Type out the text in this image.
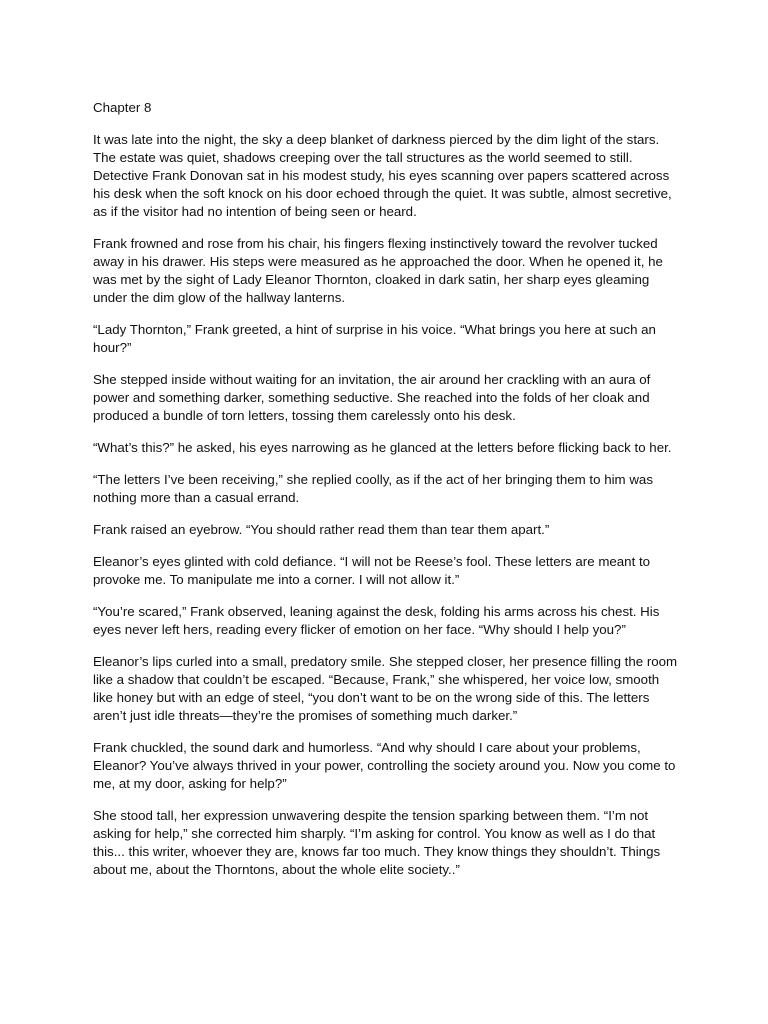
Chapter 8

It was late into the night, the sky a deep blanket of darkness pierced by the dim light of the stars. The estate was quiet, shadows creeping over the tall structures as the world seemed to still. Detective Frank Donovan sat in his modest study, his eyes scanning over papers scattered across his desk when the soft knock on his door echoed through the quiet. It was subtle, almost secretive, as if the visitor had no intention of being seen or heard.

Frank frowned and rose from his chair, his fingers flexing instinctively toward the revolver tucked away in his drawer. His steps were measured as he approached the door. When he opened it, he was met by the sight of Lady Eleanor Thornton, cloaked in dark satin, her sharp eyes gleaming under the dim glow of the hallway lanterns.

“Lady Thornton,” Frank greeted, a hint of surprise in his voice. “What brings you here at such an hour?”

She stepped inside without waiting for an invitation, the air around her crackling with an aura of power and something darker, something seductive. She reached into the folds of her cloak and produced a bundle of torn letters, tossing them carelessly onto his desk.

“What’s this?” he asked, his eyes narrowing as he glanced at the letters before flicking back to her.

“The letters I’ve been receiving,” she replied coolly, as if the act of her bringing them to him was nothing more than a casual errand.

Frank raised an eyebrow. “You should rather read them than tear them apart.”

Eleanor’s eyes glinted with cold defiance. “I will not be Reese’s fool. These letters are meant to provoke me. To manipulate me into a corner. I will not allow it.”

“You’re scared,” Frank observed, leaning against the desk, folding his arms across his chest. His eyes never left hers, reading every flicker of emotion on her face. “Why should I help you?”

Eleanor’s lips curled into a small, predatory smile. She stepped closer, her presence filling the room like a shadow that couldn’t be escaped. “Because, Frank,” she whispered, her voice low, smooth like honey but with an edge of steel, “you don’t want to be on the wrong side of this. The letters aren’t just idle threats—they’re the promises of something much darker.”

Frank chuckled, the sound dark and humorless. “And why should I care about your problems, Eleanor? You’ve always thrived in your power, controlling the society around you. Now you come to me, at my door, asking for help?”

She stood tall, her expression unwavering despite the tension sparking between them. “I’m not asking for help,” she corrected him sharply. “I’m asking for control. You know as well as I do that this... this writer, whoever they are, knows far too much. They know things they shouldn’t. Things about me, about the Thorntons, about the whole elite society..”
